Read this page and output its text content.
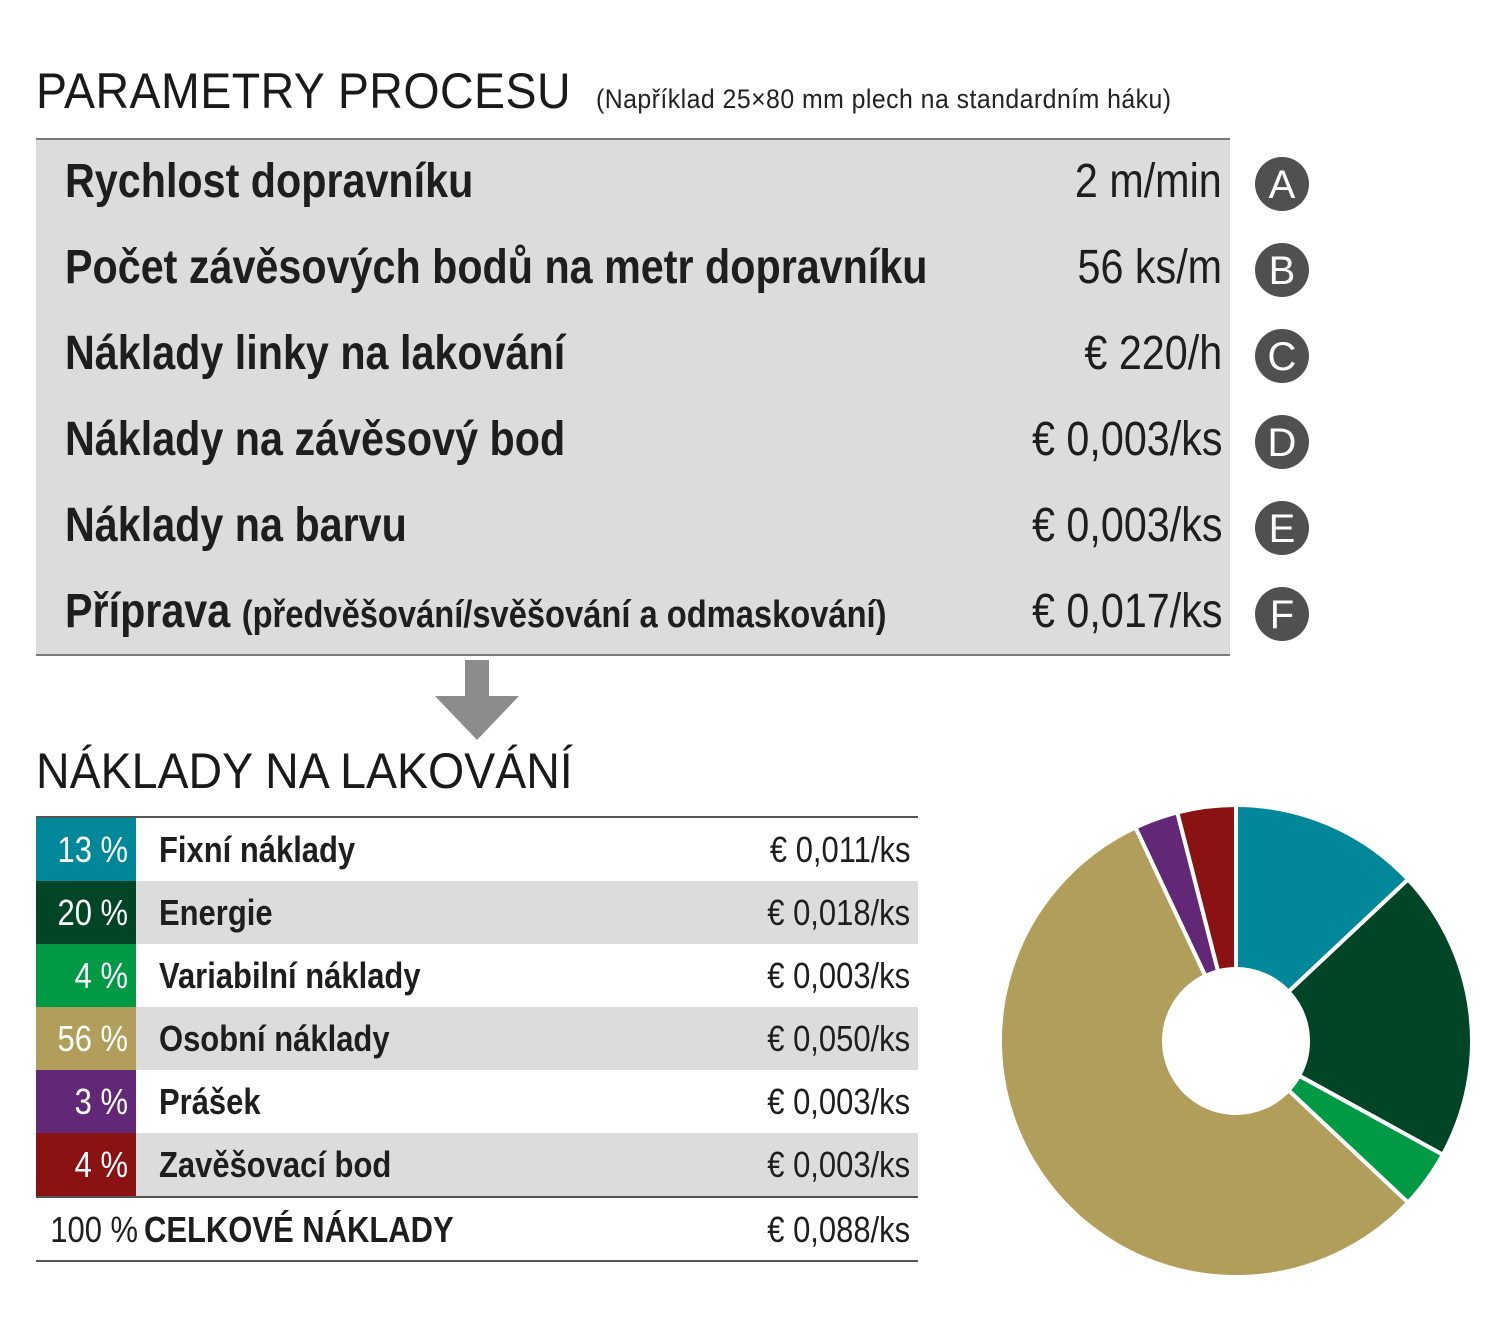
PARAMETRY PROCESU (Například 25×80 mm plech na standardním háku)
Rychlost dopravníku	2 m/min
Počet závěsových bodů na metr dopravníku	56 ks/m
Náklady linky na lakování	€ 220/h
Náklady na závěsový bod	€ 0,003/ks
Náklady na barvu	€ 0,003/ks
Příprava (předvěšování/svěšování a odmaskování)	€ 0,017/ks
NÁKLADY NA LAKOVÁNÍ
13 % Fixní náklady	€ 0,011/ks
20 % Energie	€ 0,018/ks
4 % Variabilní náklady	€ 0,003/ks
56 % Osobní náklady	€ 0,050/ks
3 % Prášek	€ 0,003/ks
4 % Zavěšovací bod	€ 0,003/ks
100 % CELKOVÉ NÁKLADY	€ 0,088/ks
A
B
C
D
E
F
